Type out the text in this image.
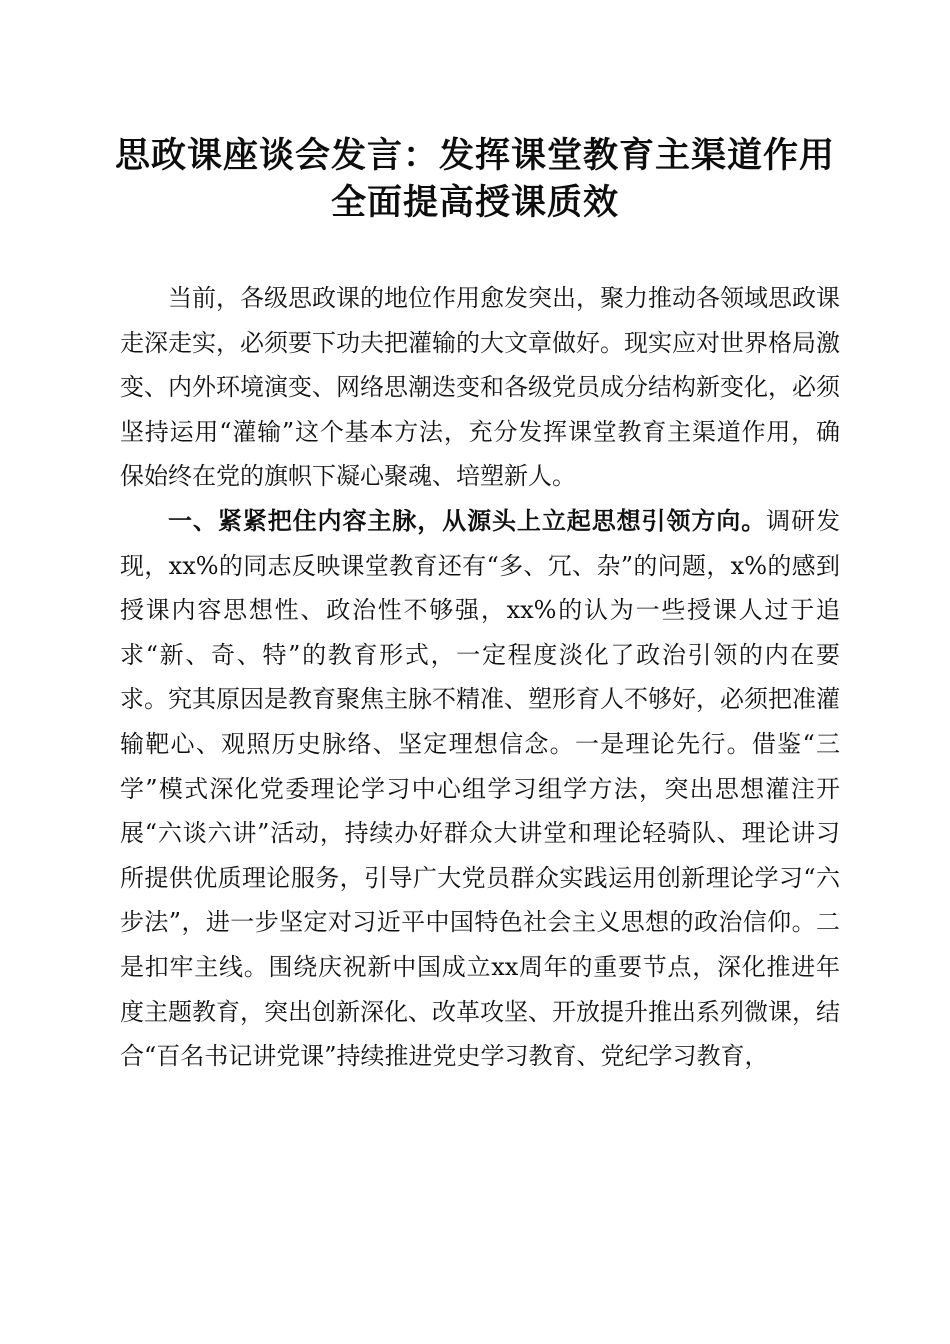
思政课座谈会发言：发挥课堂教育主渠道作用
全面提高授课质效

当前，各级思政课的地位作用愈发突出，聚力推动各领域思政课走深走实，必须要下功夫把灌输的大文章做好。现实应对世界格局激变、内外环境演变、网络思潮迭变和各级党员成分结构新变化，必须坚持运用“灌输”这个基本方法，充分发挥课堂教育主渠道作用，确保始终在党的旗帜下凝心聚魂、培塑新人。

一、紧紧把住内容主脉，从源头上立起思想引领方向。调研发现，xx%的同志反映课堂教育还有“多、冗、杂”的问题，x%的感到授课内容思想性、政治性不够强，xx%的认为一些授课人过于追求“新、奇、特”的教育形式，一定程度淡化了政治引领的内在要求。究其原因是教育聚焦主脉不精准、塑形育人不够好，必须把准灌输靶心、观照历史脉络、坚定理想信念。一是理论先行。借鉴“三学”模式深化党委理论学习中心组学习组学方法，突出思想灌注开展“六谈六讲”活动，持续办好群众大讲堂和理论轻骑队、理论讲习所提供优质理论服务，引导广大党员群众实践运用创新理论学习“六步法”，进一步坚定对习近平中国特色社会主义思想的政治信仰。二是扣牢主线。围绕庆祝新中国成立xx周年的重要节点，深化推进年度主题教育，突出创新深化、改革攻坚、开放提升推出系列微课，结合“百名书记讲党课”持续推进党史学习教育、党纪学习教育，
